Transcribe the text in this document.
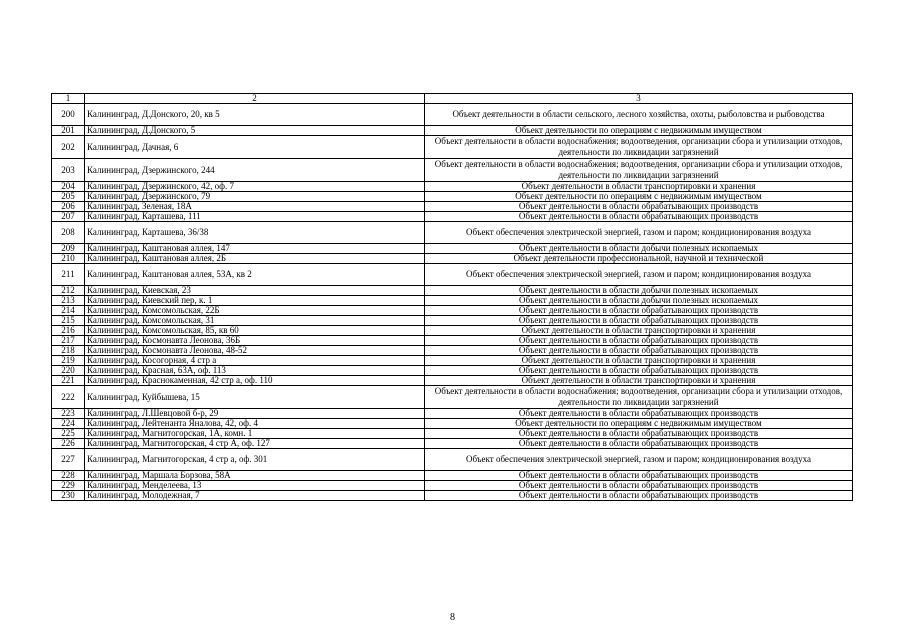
1	2	3
200	Калининград, Д.Донского, 20, кв 5	Объект деятельности в области сельского, лесного хозяйства, охоты, рыболовства и рыбоводства
201	Калининград, Д.Донского, 5	Объект деятельности по операциям с недвижимым имуществом
202	Калининград, Дачная, 6	Объект деятельности в области водоснабжения; водоотведения, организации сбора и утилизации отходов, деятельности по ликвидации загрязнений
203	Калининград, Дзержинского, 244	Объект деятельности в области водоснабжения; водоотведения, организации сбора и утилизации отходов, деятельности по ликвидации загрязнений
204	Калининград, Дзержинского, 42, оф. 7	Объект деятельности в области транспортировки и хранения
205	Калининград, Дзержинского, 79	Объект деятельности по операциям с недвижимым имуществом
206	Калининград, Зеленая, 18А	Объект деятельности в области обрабатывающих производств
207	Калининград, Карташева, 111	Объект деятельности в области обрабатывающих производств
208	Калининград, Карташева, 36/38	Объект обеспечения электрической энергией, газом и паром; кондиционирования воздуха
209	Калининград, Каштановая аллея, 147	Объект деятельности в области добычи полезных ископаемых
210	Калининград, Каштановая аллея, 2Б	Объект деятельности профессиональной, научной и технической
211	Калининград, Каштановая аллея, 53А, кв 2	Объект обеспечения электрической энергией, газом и паром; кондиционирования воздуха
212	Калининград, Киевская, 23	Объект деятельности в области добычи полезных ископаемых
213	Калининград, Киевский пер, к. 1	Объект деятельности в области добычи полезных ископаемых
214	Калининград, Комсомольская, 22Б	Объект деятельности в области обрабатывающих производств
215	Калининград, Комсомольская, 31	Объект деятельности в области обрабатывающих производств
216	Калининград, Комсомольская, 85, кв 60	Объект деятельности в области транспортировки и хранения
217	Калининград, Космонавта Леонова, 36Б	Объект деятельности в области обрабатывающих производств
218	Калининград, Космонавта Леонова, 48-52	Объект деятельности в области обрабатывающих производств
219	Калининград, Косогорная, 4 стр а	Объект деятельности в области транспортировки и хранения
220	Калининград, Красная, 63А, оф. 113	Объект деятельности в области обрабатывающих производств
221	Калининград, Краснокаменная, 42 стр а, оф. 110	Объект деятельности в области транспортировки и хранения
222	Калининград, Куйбышева, 15	Объект деятельности в области водоснабжения; водоотведения, организации сбора и утилизации отходов, деятельности по ликвидации загрязнений
223	Калининград, Л.Шевцовой б-р, 29	Объект деятельности в области обрабатывающих производств
224	Калининград, Лейтенанта Яналова, 42, оф. 4	Объект деятельности по операциям с недвижимым имуществом
225	Калининград, Магнитогорская, 1А, комн. 1	Объект деятельности в области обрабатывающих производств
226	Калининград, Магнитогорская, 4 стр А, оф. 127	Объект деятельности в области обрабатывающих производств
227	Калининград, Магнитогорская, 4 стр а, оф. 301	Объект обеспечения электрической энергией, газом и паром; кондиционирования воздуха
228	Калининград, Маршала Борзова, 58А	Объект деятельности в области обрабатывающих производств
229	Калининград, Менделеева, 13	Объект деятельности в области обрабатывающих производств
230	Калининград, Молодежная, 7	Объект деятельности в области обрабатывающих производств
8
